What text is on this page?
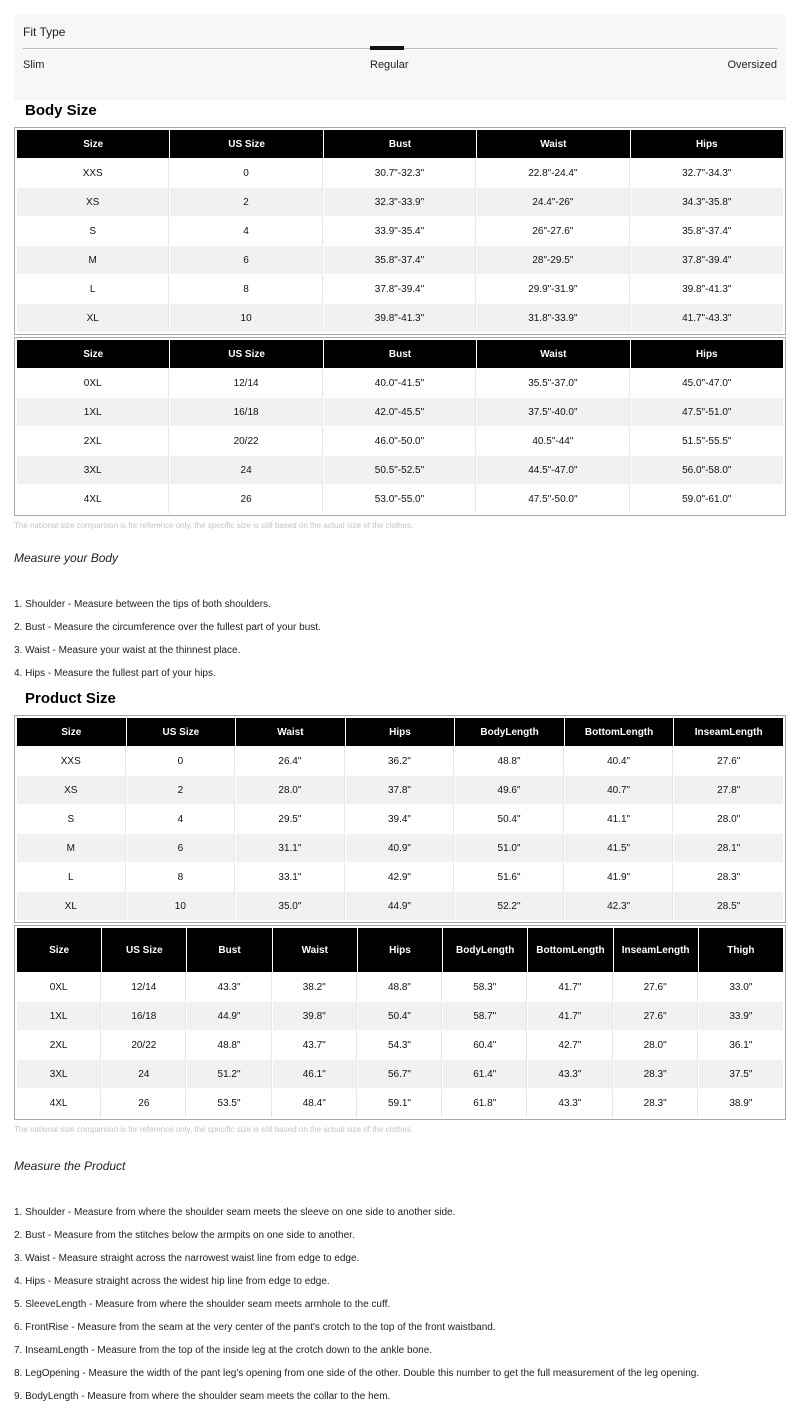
Fit Type
Slim	Regular	Oversized
Body Size
Size	US Size	Bust	Waist	Hips
XXS	0	30.7"-32.3"	22.8"-24.4"	32.7"-34.3"
XS	2	32.3"-33.9"	24.4"-26"	34.3"-35.8"
S	4	33.9"-35.4"	26"-27.6"	35.8"-37.4"
M	6	35.8"-37.4"	28"-29.5"	37.8"-39.4"
L	8	37.8"-39.4"	29.9"-31.9"	39.8"-41.3"
XL	10	39.8"-41.3"	31.8"-33.9"	41.7"-43.3"
Size	US Size	Bust	Waist	Hips
0XL	12/14	40.0"-41.5"	35.5"-37.0"	45.0"-47.0"
1XL	16/18	42.0"-45.5"	37.5"-40.0"	47.5"-51.0"
2XL	20/22	46.0"-50.0"	40.5"-44"	51.5"-55.5"
3XL	24	50.5"-52.5"	44.5"-47.0"	56.0"-58.0"
4XL	26	53.0"-55.0"	47.5"-50.0"	59.0"-61.0"
The national size comparison is for reference only, the specific size is still based on the actual size of the clothes.
Measure your Body
1. Shoulder - Measure between the tips of both shoulders.
2. Bust - Measure the circumference over the fullest part of your bust.
3. Waist - Measure your waist at the thinnest place.
4. Hips - Measure the fullest part of your hips.
Product Size
Size	US Size	Waist	Hips	BodyLength	BottomLength	InseamLength
XXS	0	26.4"	36.2"	48.8"	40.4"	27.6"
XS	2	28.0"	37.8"	49.6"	40.7"	27.8"
S	4	29.5"	39.4"	50.4"	41.1"	28.0"
M	6	31.1"	40.9"	51.0"	41.5"	28.1"
L	8	33.1"	42.9"	51.6"	41.9"	28.3"
XL	10	35.0"	44.9"	52.2"	42.3"	28.5"
Size	US Size	Bust	Waist	Hips	BodyLength	BottomLength	InseamLength	Thigh
0XL	12/14	43.3"	38.2"	48.8"	58.3"	41.7"	27.6"	33.0"
1XL	16/18	44.9"	39.8"	50.4"	58.7"	41.7"	27.6"	33.9"
2XL	20/22	48.8"	43.7"	54.3"	60.4"	42.7"	28.0"	36.1"
3XL	24	51.2"	46.1"	56.7"	61.4"	43.3"	28.3"	37.5"
4XL	26	53.5"	48.4"	59.1"	61.8"	43.3"	28.3"	38.9"
The national size comparison is for reference only, the specific size is still based on the actual size of the clothes.
Measure the Product
1. Shoulder - Measure from where the shoulder seam meets the sleeve on one side to another side.
2. Bust - Measure from the stitches below the armpits on one side to another.
3. Waist - Measure straight across the narrowest waist line from edge to edge.
4. Hips - Measure straight across the widest hip line from edge to edge.
5. SleeveLength - Measure from where the shoulder seam meets armhole to the cuff.
6. FrontRise - Measure from the seam at the very center of the pant's crotch to the top of the front waistband.
7. InseamLength - Measure from the top of the inside leg at the crotch down to the ankle bone.
8. LegOpening - Measure the width of the pant leg's opening from one side of the other. Double this number to get the full measurement of the leg opening.
9. BodyLength - Measure from where the shoulder seam meets the collar to the hem.
